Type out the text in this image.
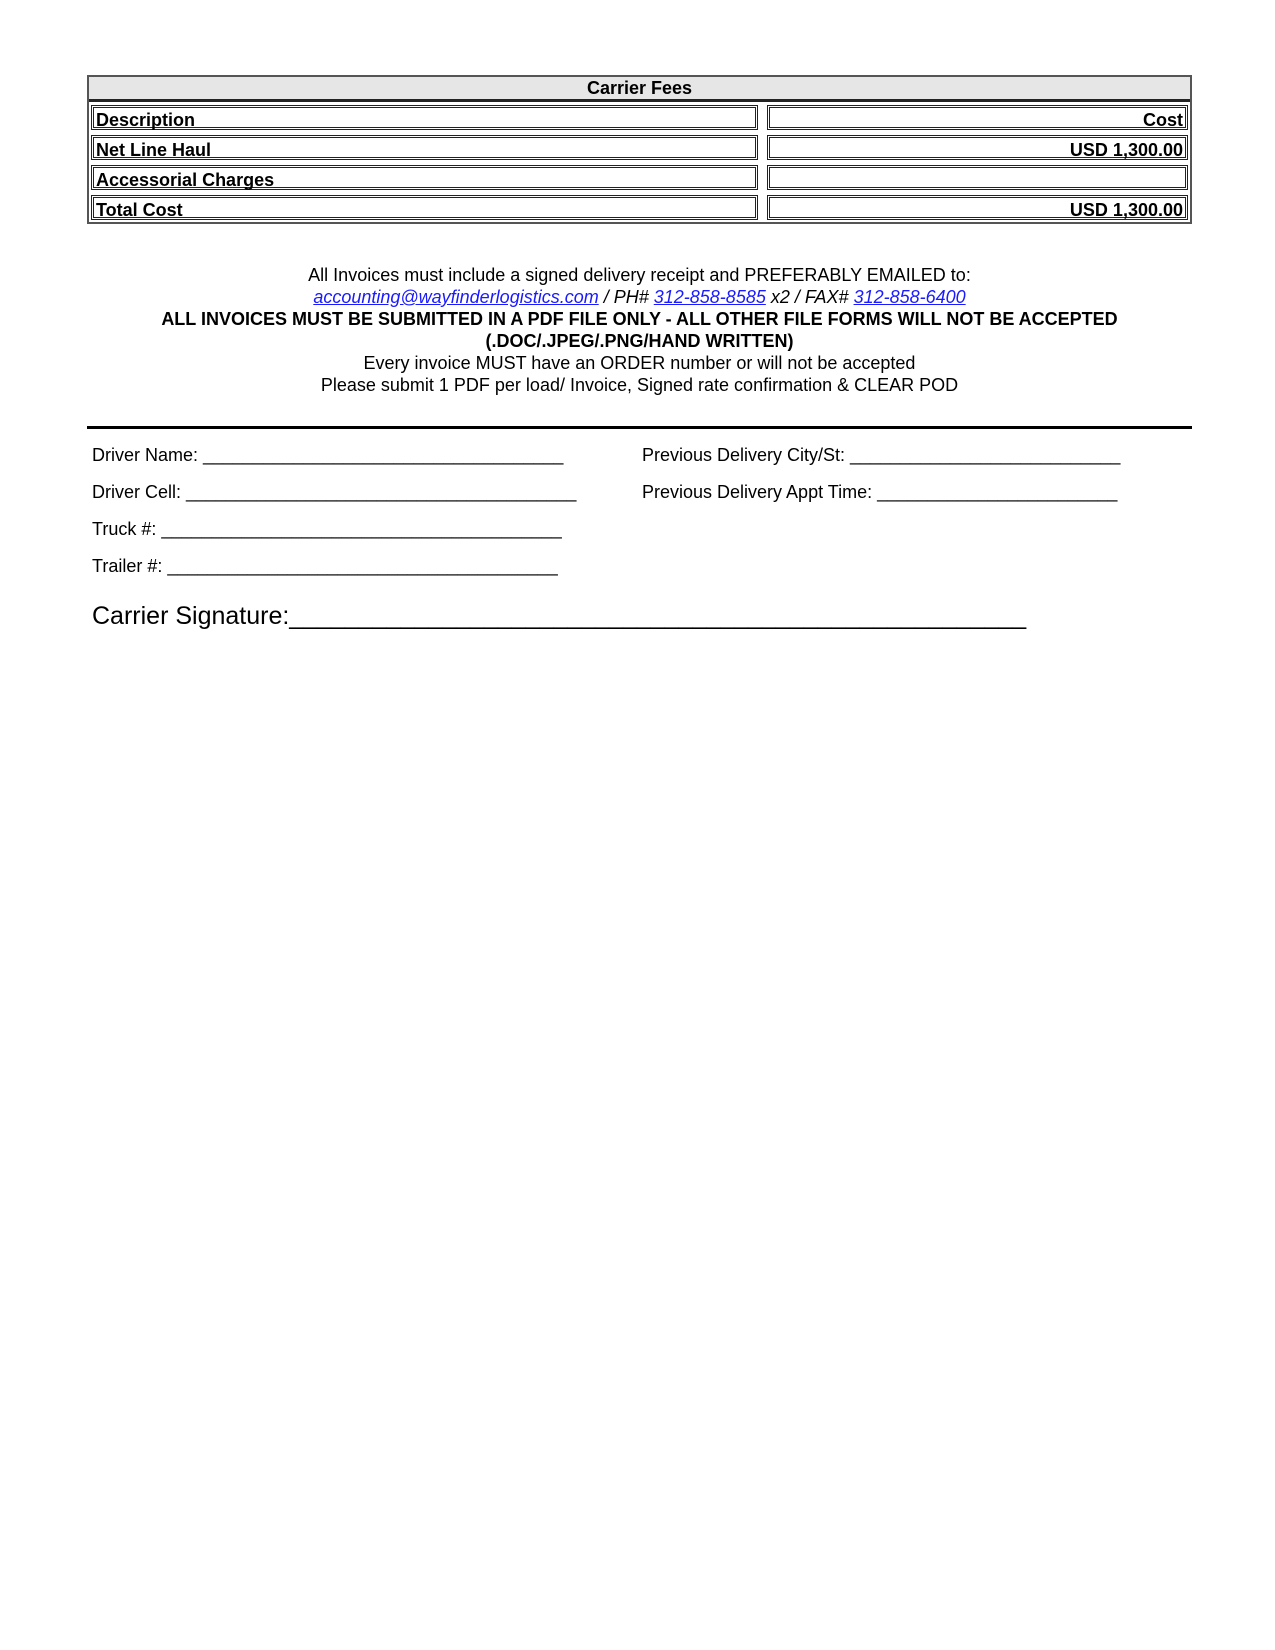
Carrier Fees
Description	Cost
Net Line Haul	USD 1,300.00
Accessorial Charges
Total Cost	USD 1,300.00
All Invoices must include a signed delivery receipt and PREFERABLY EMAILED to:
accounting@wayfinderlogistics.com / PH# 312-858-8585 x2 / FAX# 312-858-6400
ALL INVOICES MUST BE SUBMITTED IN A PDF FILE ONLY - ALL OTHER FILE FORMS WILL NOT BE ACCEPTED
(.DOC/.JPEG/.PNG/HAND WRITTEN)
Every invoice MUST have an ORDER number or will not be accepted
Please submit 1 PDF per load/ Invoice, Signed rate confirmation & CLEAR POD
Driver Name: ____________________________________
Driver Cell: _______________________________________
Truck #: ________________________________________
Trailer #: _______________________________________
Previous Delivery City/St: ___________________________
Previous Delivery Appt Time: ________________________
Carrier Signature:_____________________________________________________
